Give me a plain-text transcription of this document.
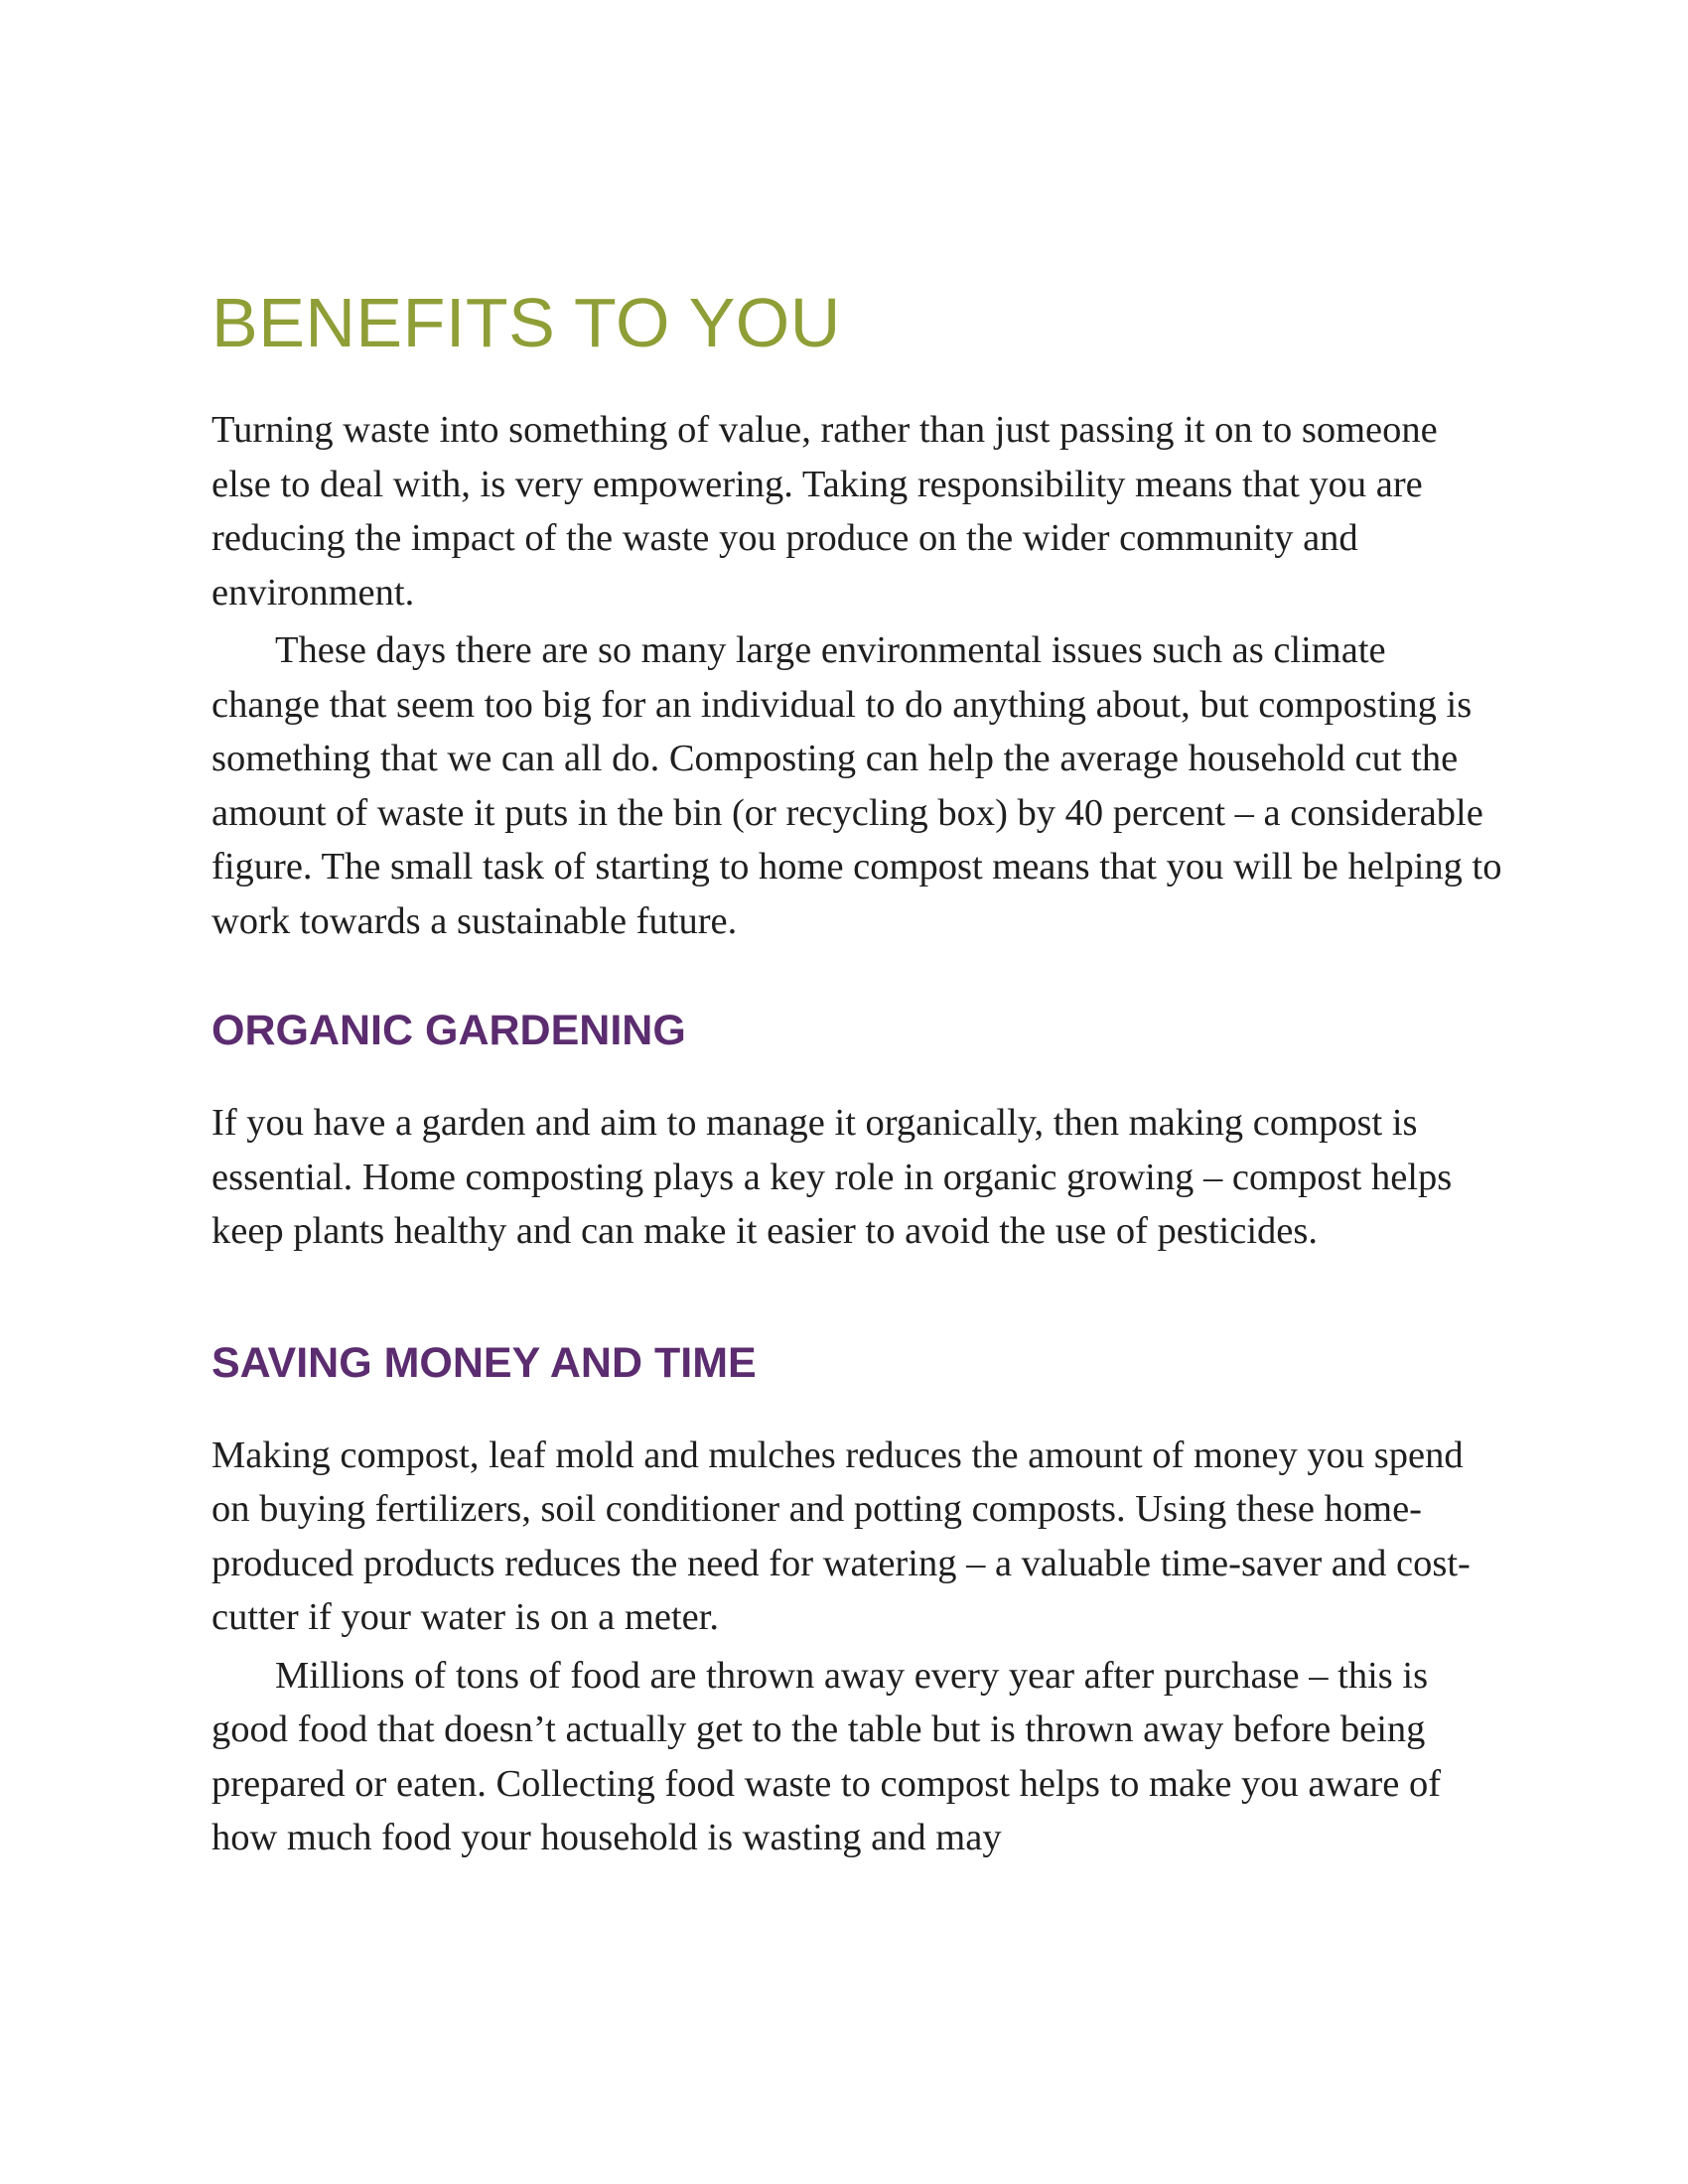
BENEFITS TO YOU

Turning waste into something of value, rather than just passing it on to someone else to deal with, is very empowering. Taking responsibility means that you are reducing the impact of the waste you produce on the wider community and environment.

These days there are so many large environmental issues such as climate change that seem too big for an individual to do anything about, but composting is something that we can all do. Composting can help the average household cut the amount of waste it puts in the bin (or recycling box) by 40 percent – a considerable figure. The small task of starting to home compost means that you will be helping to work towards a sustainable future.

ORGANIC GARDENING

If you have a garden and aim to manage it organically, then making compost is essential. Home composting plays a key role in organic growing – compost helps keep plants healthy and can make it easier to avoid the use of pesticides.

SAVING MONEY AND TIME

Making compost, leaf mold and mulches reduces the amount of money you spend on buying fertilizers, soil conditioner and potting composts. Using these home-produced products reduces the need for watering – a valuable time-saver and cost-cutter if your water is on a meter.

Millions of tons of food are thrown away every year after purchase – this is good food that doesn’t actually get to the table but is thrown away before being prepared or eaten. Collecting food waste to compost helps to make you aware of how much food your household is wasting and may
